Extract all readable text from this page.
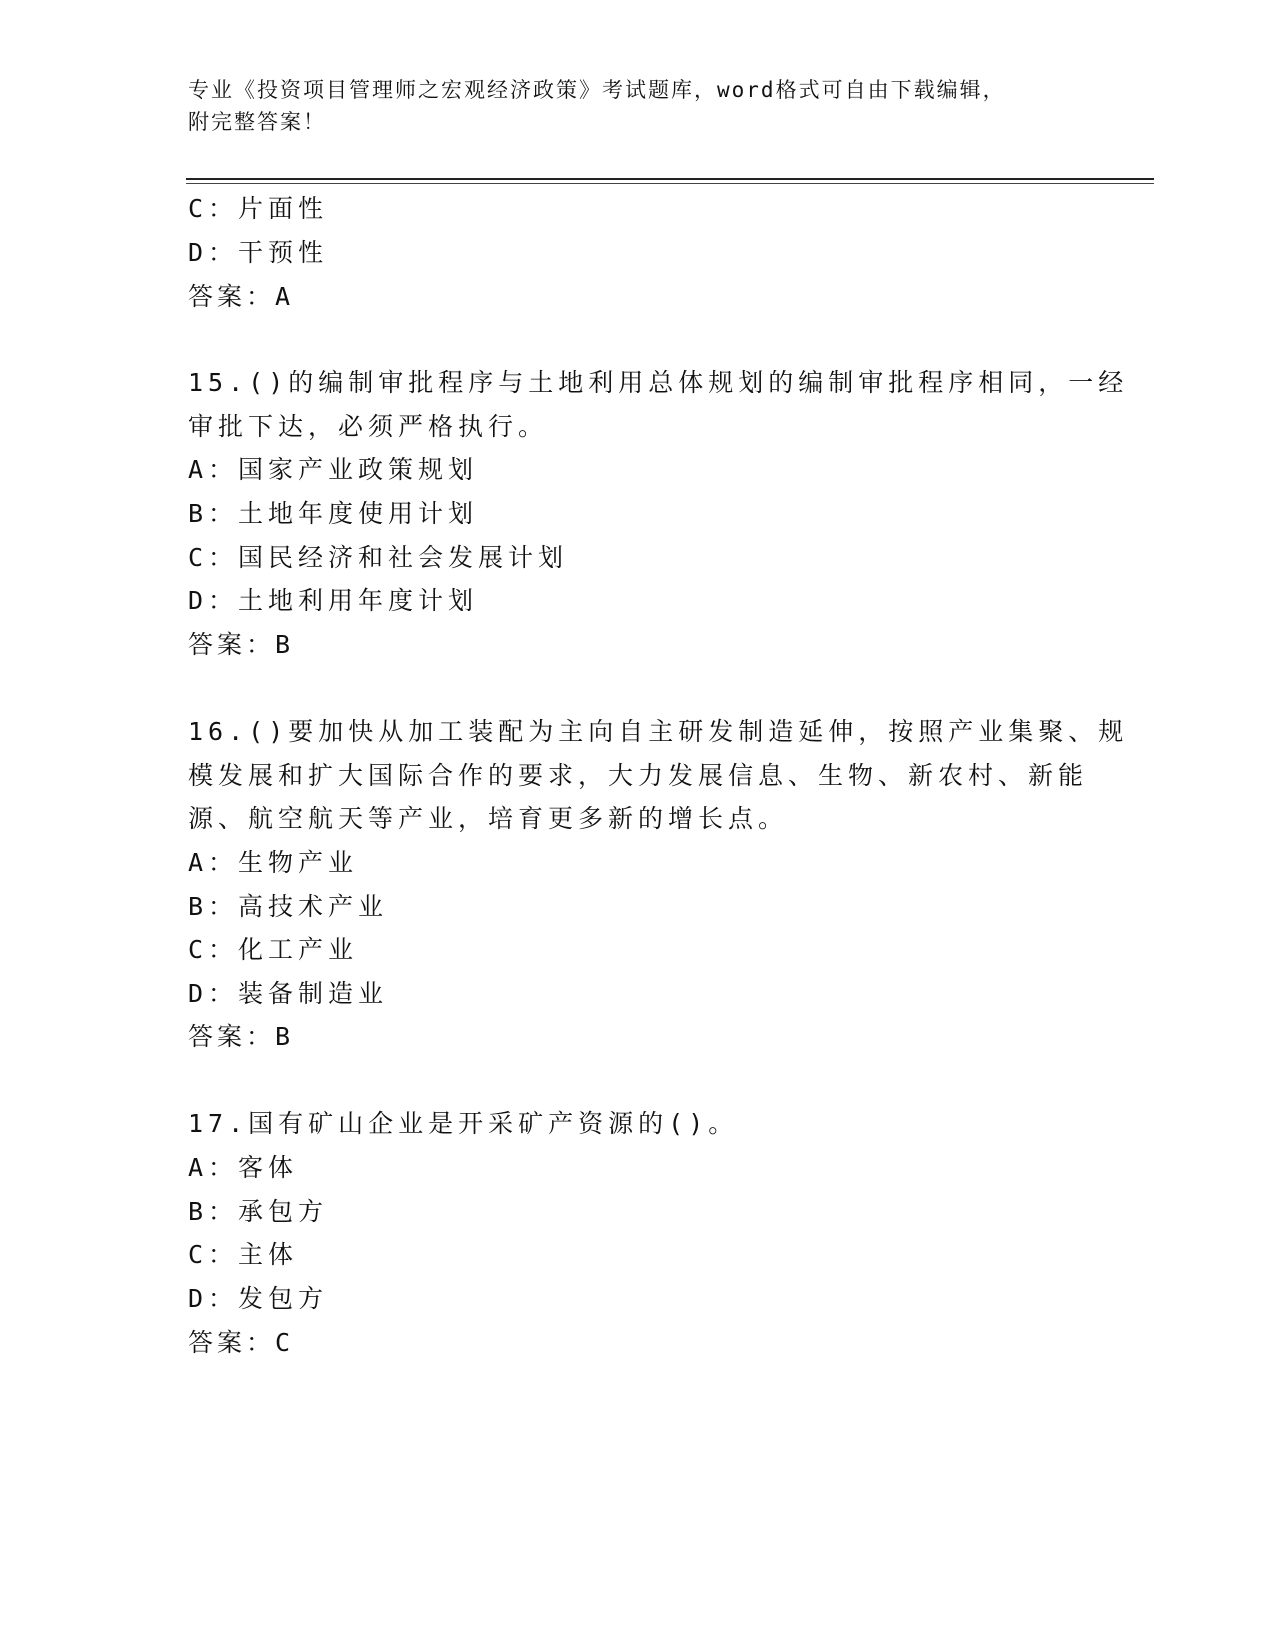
专业《投资项目管理师之宏观经济政策》考试题库，word格式可自由下载编辑，
附完整答案！
C：片面性
D：干预性
答案：A
15.()的编制审批程序与土地利用总体规划的编制审批程序相同，一经
审批下达，必须严格执行。
A：国家产业政策规划
B：土地年度使用计划
C：国民经济和社会发展计划
D：土地利用年度计划
答案：B
16.()要加快从加工装配为主向自主研发制造延伸，按照产业集聚、规
模发展和扩大国际合作的要求，大力发展信息、生物、新农村、新能
源、航空航天等产业，培育更多新的增长点。
A：生物产业
B：高技术产业
C：化工产业
D：装备制造业
答案：B
17.国有矿山企业是开采矿产资源的()。
A：客体
B：承包方
C：主体
D：发包方
答案：C
